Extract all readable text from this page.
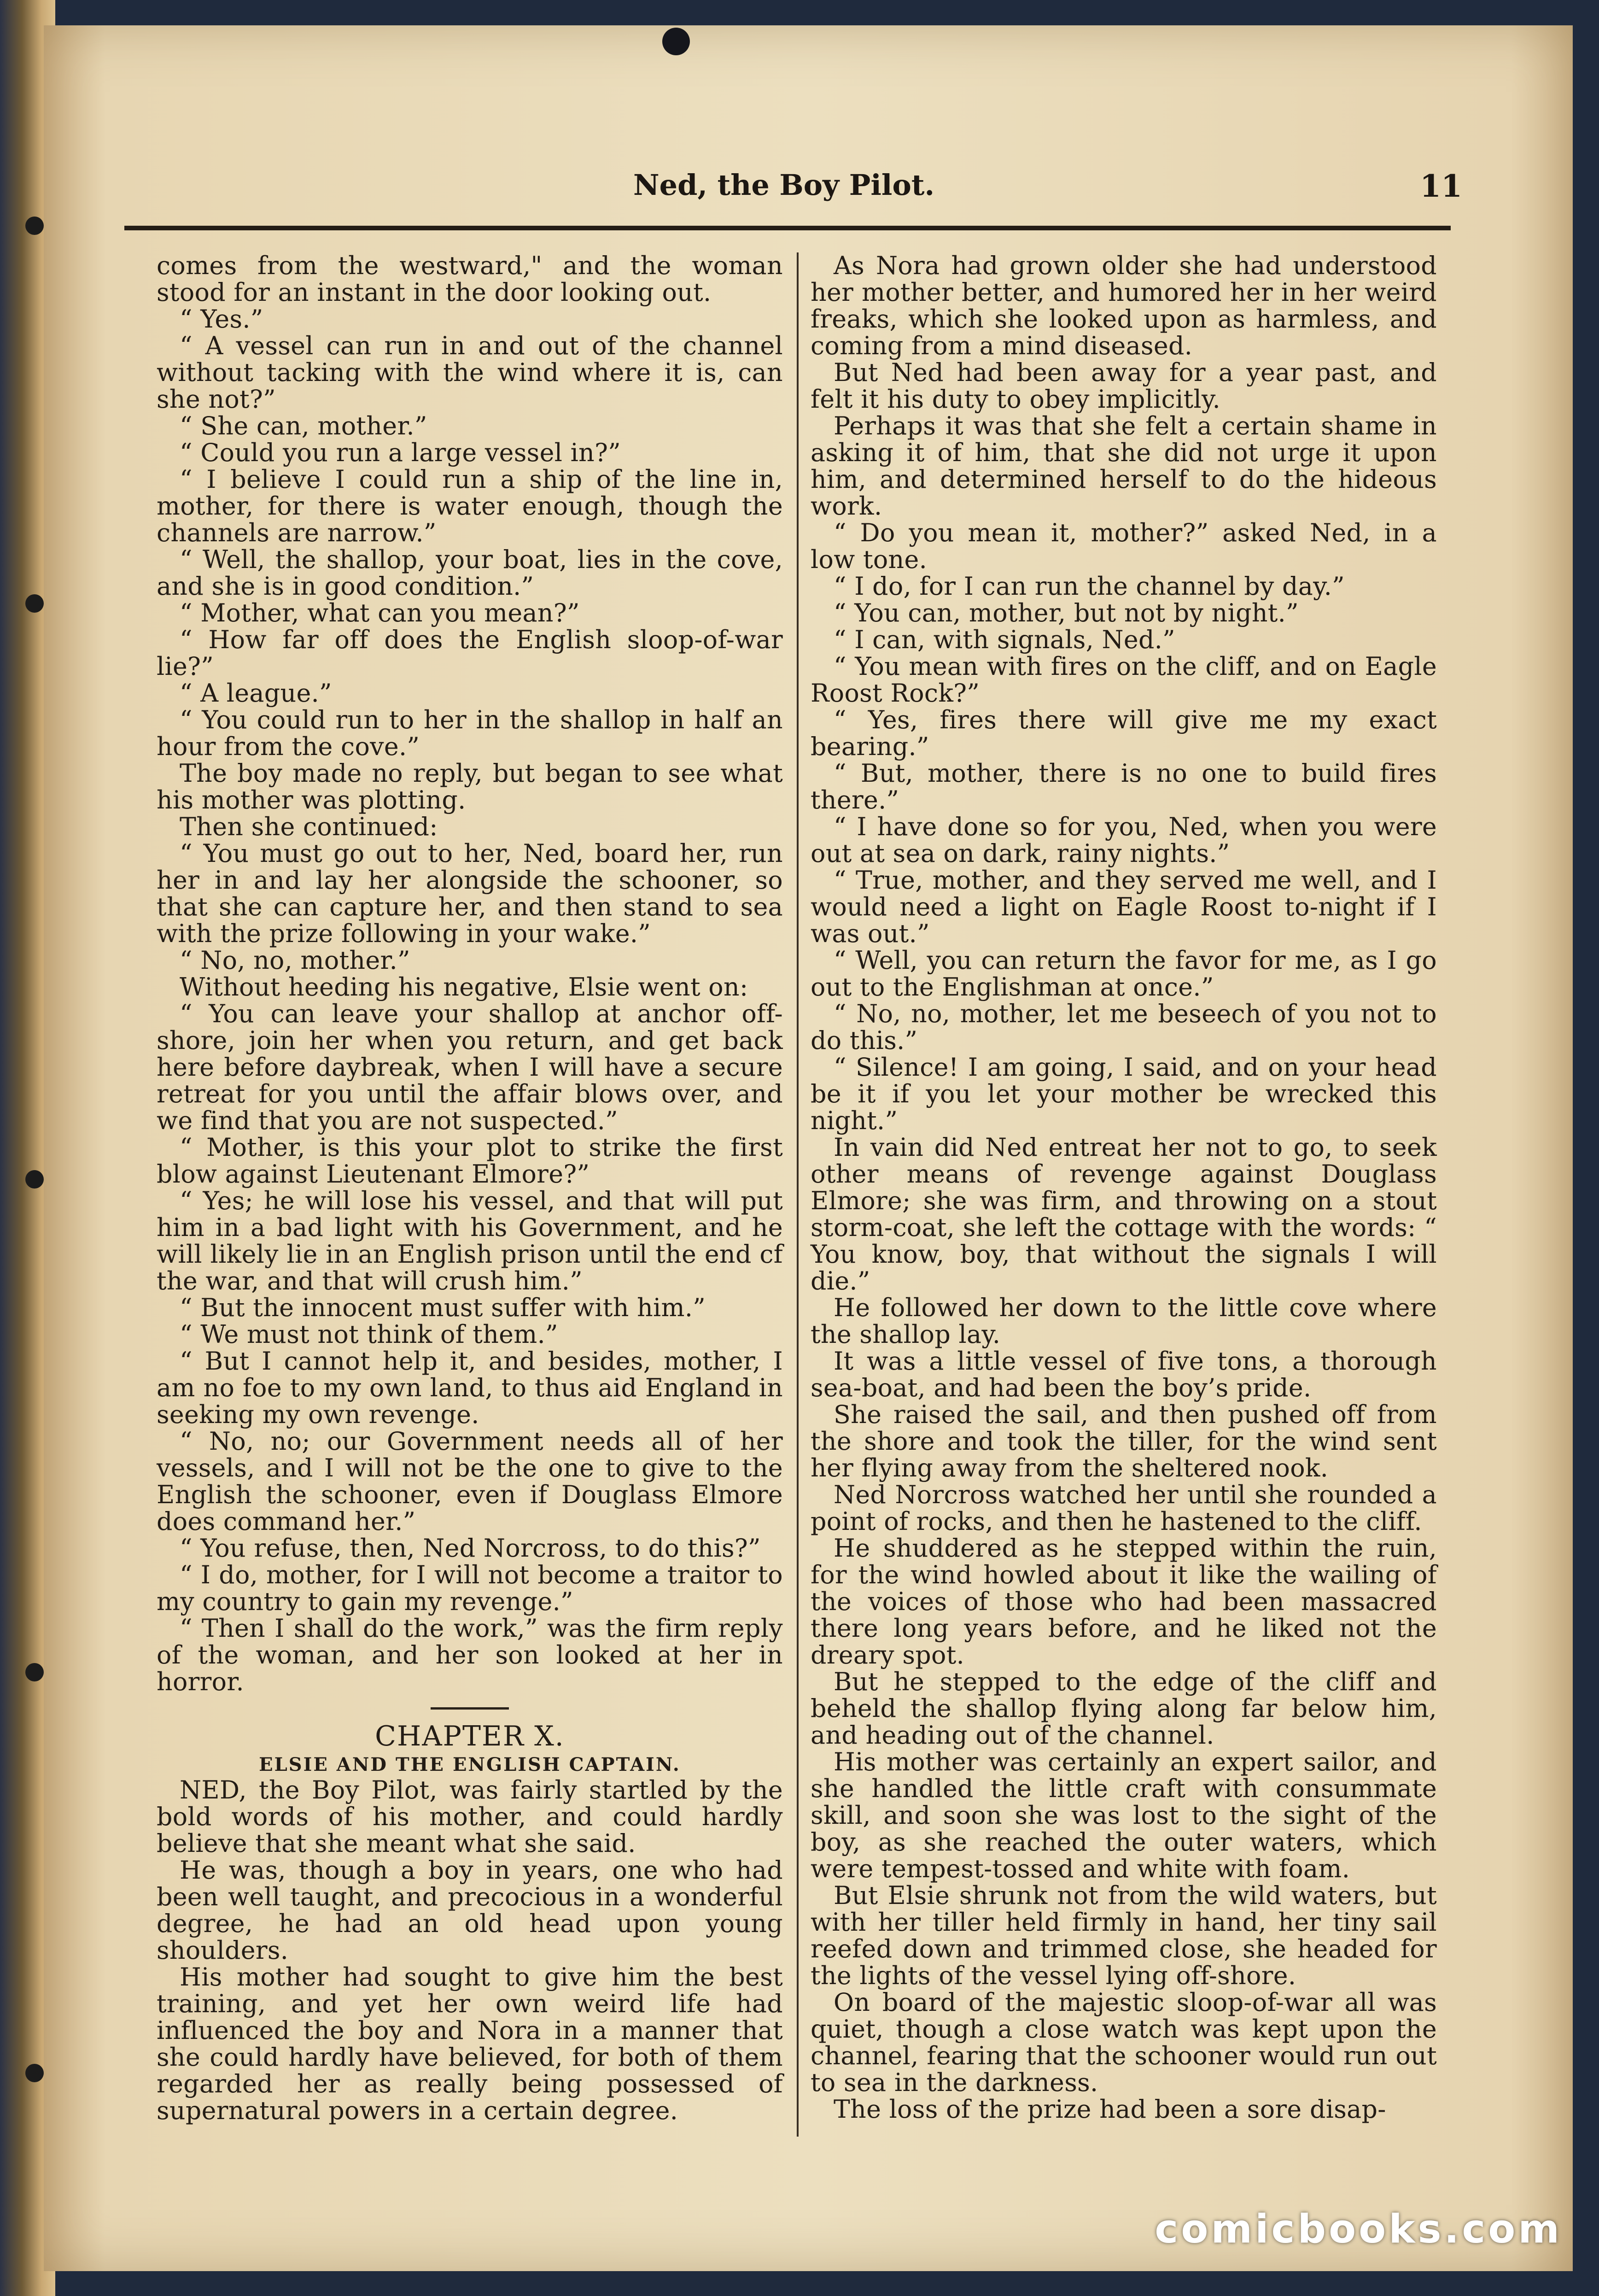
Ned, the Boy Pilot.	11

comes from the westward," and the woman stood for an instant in the door looking out.

“ Yes.”

“ A vessel can run in and out of the channel without tacking with the wind where it is, can she not?”

“ She can, mother.”

“ Could you run a large vessel in?”

“ I believe I could run a ship of the line in, mother, for there is water enough, though the channels are narrow.”

“ Well, the shallop, your boat, lies in the cove, and she is in good condition.”

“ Mother, what can you mean?”

“ How far off does the English sloop-of-war lie?”

“ A league.”

“ You could run to her in the shallop in half an hour from the cove.”

The boy made no reply, but began to see what his mother was plotting.

Then she continued:

“ You must go out to her, Ned, board her, run her in and lay her alongside the schooner, so that she can capture her, and then stand to sea with the prize following in your wake.”

“ No, no, mother.”

Without heeding his negative, Elsie went on:

“ You can leave your shallop at anchor off-shore, join her when you return, and get back here before daybreak, when I will have a secure retreat for you until the affair blows over, and we find that you are not suspected.”

“ Mother, is this your plot to strike the first blow against Lieutenant Elmore?”

“ Yes; he will lose his vessel, and that will put him in a bad light with his Government, and he will likely lie in an English prison until the end cf the war, and that will crush him.”

“ But the innocent must suffer with him.”

“ We must not think of them.”

“ But I cannot help it, and besides, mother, I am no foe to my own land, to thus aid England in seeking my own revenge.

“ No, no; our Government needs all of her vessels, and I will not be the one to give to the English the schooner, even if Douglass Elmore does command her.”

“ You refuse, then, Ned Norcross, to do this?”

“ I do, mother, for I will not become a traitor to my country to gain my revenge.”

“ Then I shall do the work,” was the firm reply of the woman, and her son looked at her in horror.

CHAPTER X.

ELSIE AND THE ENGLISH CAPTAIN.

NED, the Boy Pilot, was fairly startled by the bold words of his mother, and could hardly believe that she meant what she said.

He was, though a boy in years, one who had been well taught, and precocious in a wonderful degree, he had an old head upon young shoulders.

His mother had sought to give him the best training, and yet her own weird life had influenced the boy and Nora in a manner that she could hardly have believed, for both of them regarded her as really being possessed of supernatural powers in a certain degree.

As Nora had grown older she had understood her mother better, and humored her in her weird freaks, which she looked upon as harmless, and coming from a mind diseased.

But Ned had been away for a year past, and felt it his duty to obey implicitly.

Perhaps it was that she felt a certain shame in asking it of him, that she did not urge it upon him, and determined herself to do the hideous work.

“ Do you mean it, mother?” asked Ned, in a low tone.

“ I do, for I can run the channel by day.”

“ You can, mother, but not by night.”

“ I can, with signals, Ned.”

“ You mean with fires on the cliff, and on Eagle Roost Rock?”

“ Yes, fires there will give me my exact bearing.”

“ But, mother, there is no one to build fires there.”

“ I have done so for you, Ned, when you were out at sea on dark, rainy nights.”

“ True, mother, and they served me well, and I would need a light on Eagle Roost to-night if I was out.”

“ Well, you can return the favor for me, as I go out to the Englishman at once.”

“ No, no, mother, let me beseech of you not to do this.”

“ Silence! I am going, I said, and on your head be it if you let your mother be wrecked this night.”

In vain did Ned entreat her not to go, to seek other means of revenge against Douglass Elmore; she was firm, and throwing on a stout storm-coat, she left the cottage with the words: “ You know, boy, that without the signals I will die.”

He followed her down to the little cove where the shallop lay.

It was a little vessel of five tons, a thorough sea-boat, and had been the boy’s pride.

She raised the sail, and then pushed off from the shore and took the tiller, for the wind sent her flying away from the sheltered nook.

Ned Norcross watched her until she rounded a point of rocks, and then he hastened to the cliff.

He shuddered as he stepped within the ruin, for the wind howled about it like the wailing of the voices of those who had been massacred there long years before, and he liked not the dreary spot.

But he stepped to the edge of the cliff and beheld the shallop flying along far below him, and heading out of the channel.

His mother was certainly an expert sailor, and she handled the little craft with consummate skill, and soon she was lost to the sight of the boy, as she reached the outer waters, which were tempest-tossed and white with foam.

But Elsie shrunk not from the wild waters, but with her tiller held firmly in hand, her tiny sail reefed down and trimmed close, she headed for the lights of the vessel lying off-shore.

On board of the majestic sloop-of-war all was quiet, though a close watch was kept upon the channel, fearing that the schooner would run out to sea in the darkness.

The loss of the prize had been a sore disap-

comicbooks.com
